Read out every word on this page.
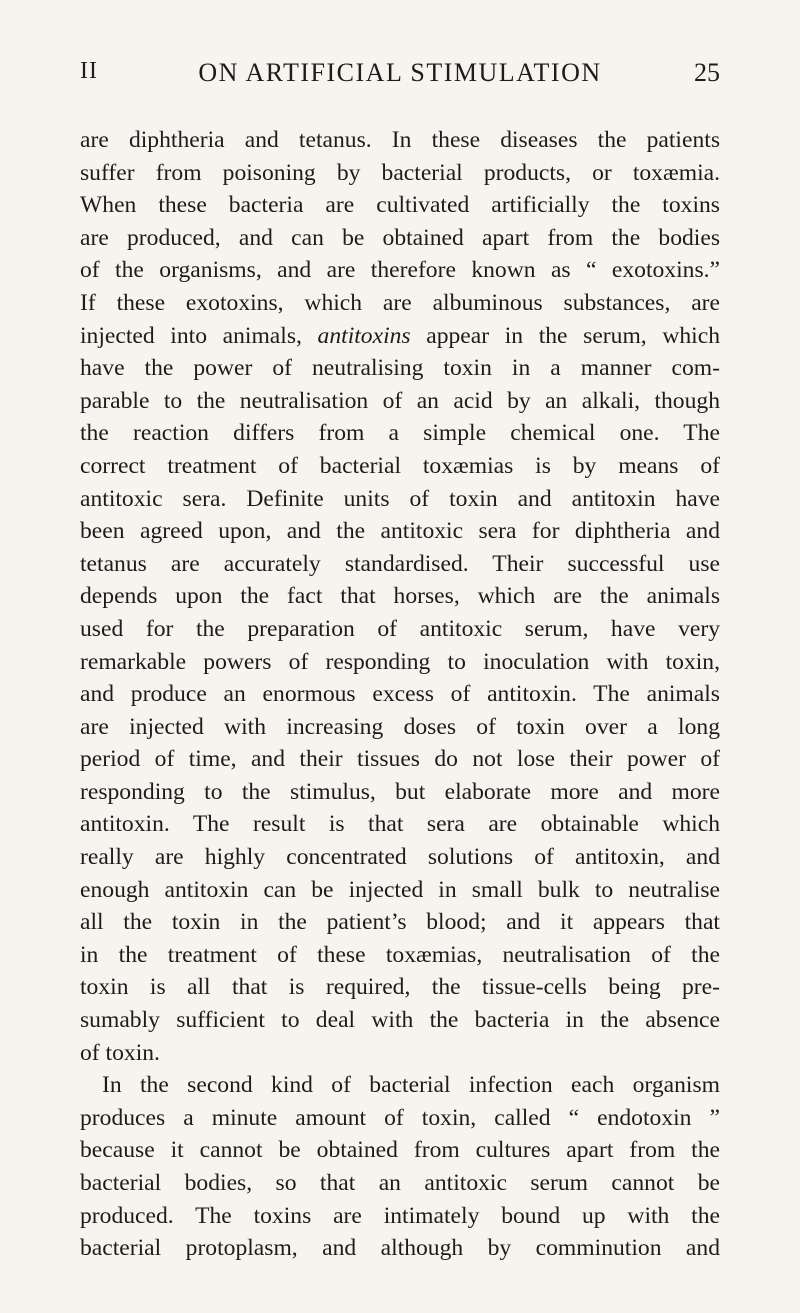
II	ON ARTIFICIAL STIMULATION	25
are diphtheria and tetanus. In these diseases the patients
suffer from poisoning by bacterial products, or toxæmia.
When these bacteria are cultivated artificially the toxins
are produced, and can be obtained apart from the bodies
of the organisms, and are therefore known as “ exotoxins.”
If these exotoxins, which are albuminous substances, are
injected into animals, antitoxins appear in the serum, which
have the power of neutralising toxin in a manner com-
parable to the neutralisation of an acid by an alkali, though
the reaction differs from a simple chemical one. The
correct treatment of bacterial toxæmias is by means of
antitoxic sera. Definite units of toxin and antitoxin have
been agreed upon, and the antitoxic sera for diphtheria and
tetanus are accurately standardised. Their successful use
depends upon the fact that horses, which are the animals
used for the preparation of antitoxic serum, have very
remarkable powers of responding to inoculation with toxin,
and produce an enormous excess of antitoxin. The animals
are injected with increasing doses of toxin over a long
period of time, and their tissues do not lose their power of
responding to the stimulus, but elaborate more and more
antitoxin. The result is that sera are obtainable which
really are highly concentrated solutions of antitoxin, and
enough antitoxin can be injected in small bulk to neutralise
all the toxin in the patient’s blood; and it appears that
in the treatment of these toxæmias, neutralisation of the
toxin is all that is required, the tissue-cells being pre-
sumably sufficient to deal with the bacteria in the absence
of toxin.
In the second kind of bacterial infection each organism
produces a minute amount of toxin, called “ endotoxin ”
because it cannot be obtained from cultures apart from the
bacterial bodies, so that an antitoxic serum cannot be
produced. The toxins are intimately bound up with the
bacterial protoplasm, and although by comminution and
